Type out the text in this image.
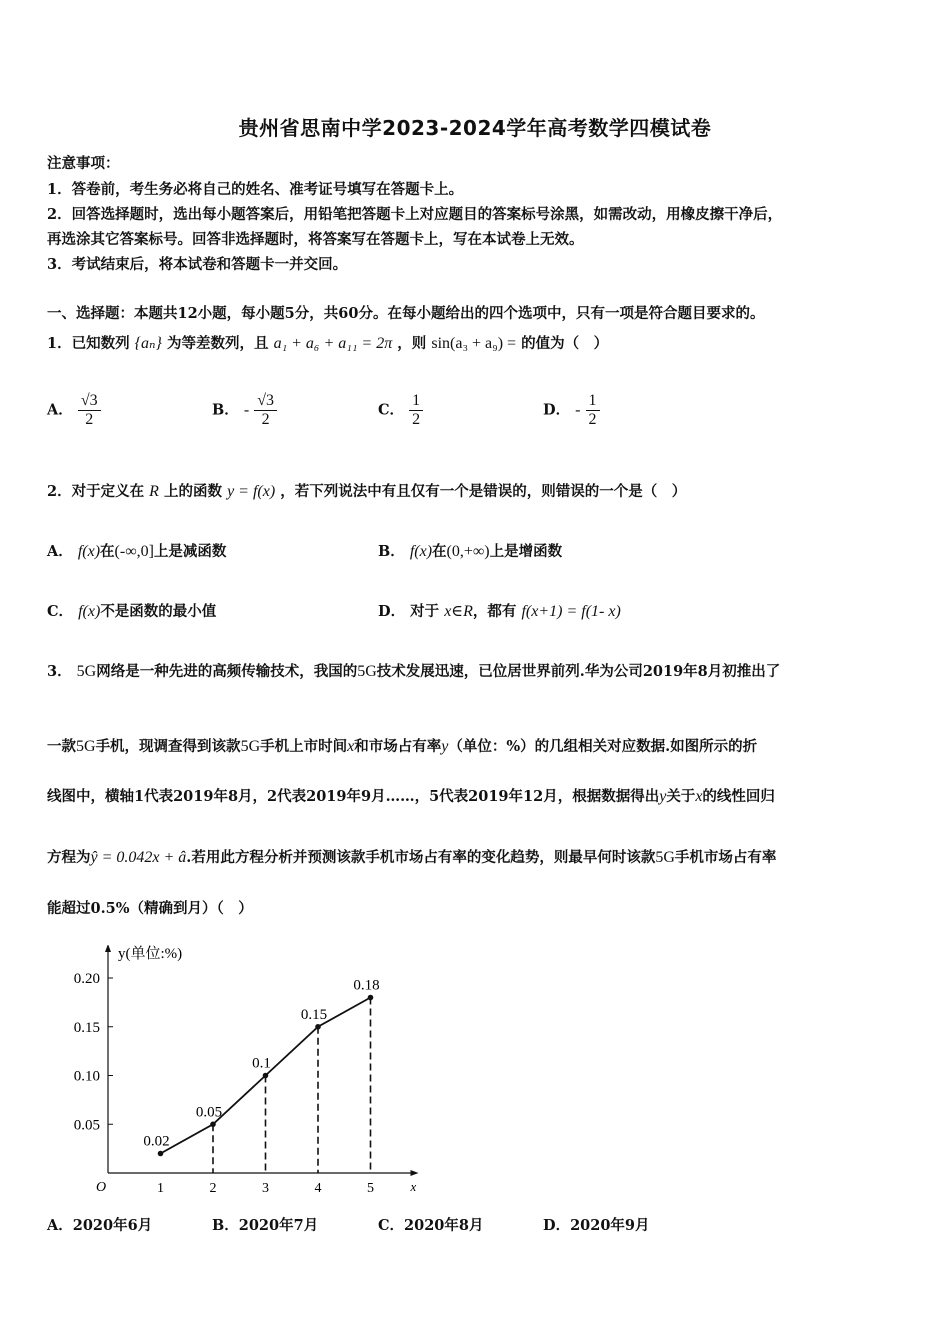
贵州省思南中学2023-2024学年高考数学四模试卷
注意事项：
1．答卷前，考生务必将自己的姓名、准考证号填写在答题卡上。
2．回答选择题时，选出每小题答案后，用铅笔把答题卡上对应题目的答案标号涂黑，如需改动，用橡皮擦干净后，
再选涂其它答案标号。回答非选择题时，将答案写在答题卡上，写在本试卷上无效。
3．考试结束后，将本试卷和答题卡一并交回。
一、选择题：本题共12小题，每小题5分，共60分。在每小题给出的四个选项中，只有一项是符合题目要求的。
1．已知数列 {aₙ} 为等差数列，且 a₁ + a₆ + a₁₁ = 2π ，则 sin(a₃ + a₉) = 的值为（　）
A． $\frac{√3}{2}$	B． - $\frac{√3}{2}$	C． $\frac{1}{2}$	D． - $\frac{1}{2}$
2．对于定义在 R 上的函数 y = f(x) ，若下列说法中有且仅有一个是错误的，则错误的一个是（　）
A． f(x)在(-∞,0]上是减函数	B． f(x)在(0,+∞)上是增函数
C． f(x)不是函数的最小值	D． 对于 x∈R，都有 f(x+1) = f(1- x)
3． 5G网络是一种先进的高频传输技术，我国的5G技术发展迅速，已位居世界前列.华为公司2019年8月初推出了
一款5G手机，现调查得到该款5G手机上市时间x和市场占有率y（单位：%）的几组相关对应数据.如图所示的折
线图中，横轴1代表2019年8月，2代表2019年9月……，5代表2019年12月，根据数据得出y关于x的线性回归
方程为ŷ = 0.042x + â.若用此方程分析并预测该款手机市场占有率的变化趋势，则最早何时该款5G手机市场占有率
能超过0.5%（精确到月）（　）
y(单位:%)
x
O
0.20
0.15
0.10
0.05
1	2	3	4	5
0.02
0.05
0.1
0.15
0.18
A．2020年6月	B．2020年7月	C．2020年8月	D．2020年9月
